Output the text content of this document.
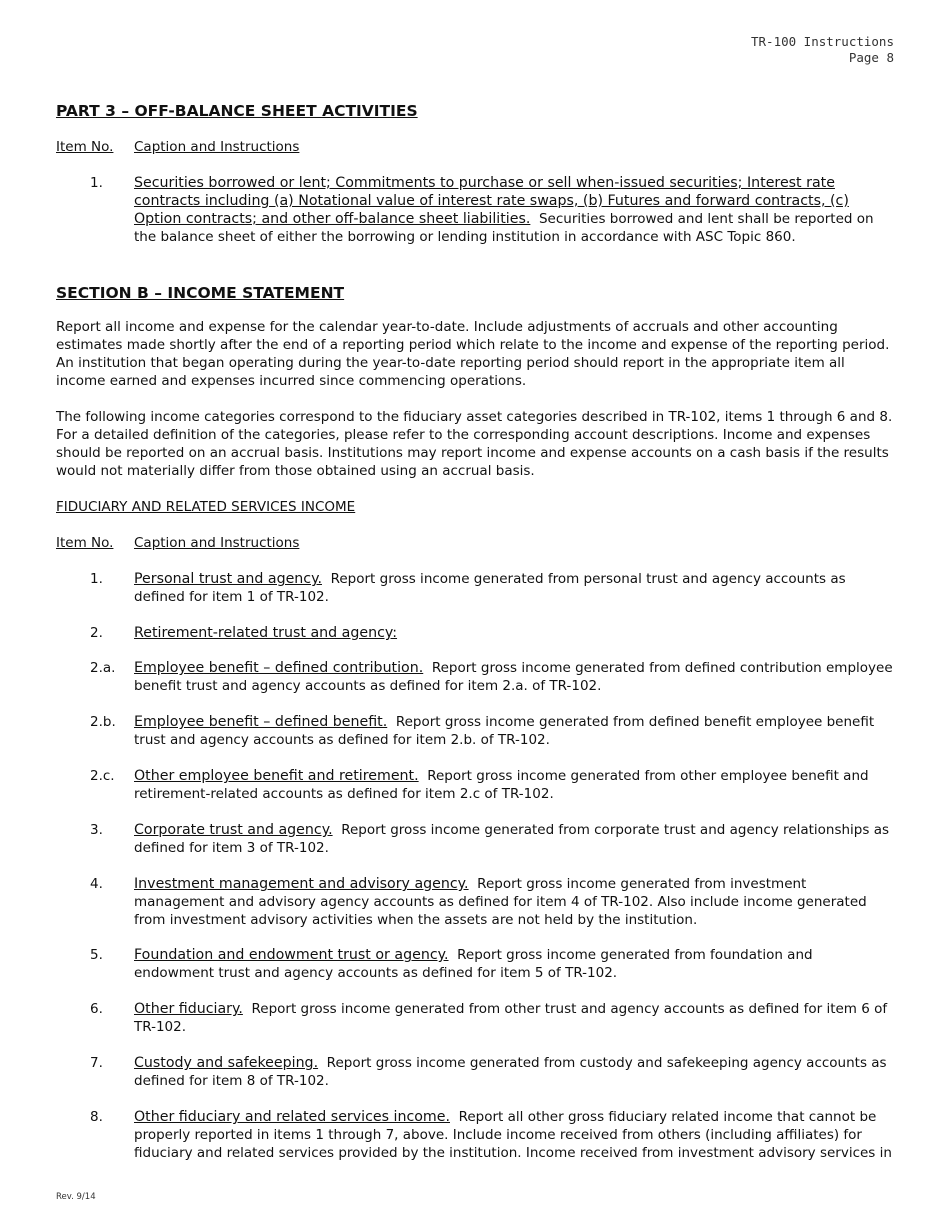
TR-100 Instructions
Page 8
PART 3 – OFF-BALANCE SHEET ACTIVITIES
Item No.	Caption and Instructions
1.	Securities borrowed or lent; Commitments to purchase or sell when-issued securities; Interest rate contracts including (a) Notational value of interest rate swaps, (b) Futures and forward contracts, (c) Option contracts; and other off-balance sheet liabilities. Securities borrowed and lent shall be reported on the balance sheet of either the borrowing or lending institution in accordance with ASC Topic 860.
SECTION B – INCOME STATEMENT

Report all income and expense for the calendar year-to-date. Include adjustments of accruals and other accounting estimates made shortly after the end of a reporting period which relate to the income and expense of the reporting period. An institution that began operating during the year-to-date reporting period should report in the appropriate item all income earned and expenses incurred since commencing operations.

The following income categories correspond to the fiduciary asset categories described in TR-102, items 1 through 6 and 8. For a detailed definition of the categories, please refer to the corresponding account descriptions. Income and expenses should be reported on an accrual basis. Institutions may report income and expense accounts on a cash basis if the results would not materially differ from those obtained using an accrual basis.

FIDUCIARY AND RELATED SERVICES INCOME
Item No.	Caption and Instructions
1.	Personal trust and agency. Report gross income generated from personal trust and agency accounts as defined for item 1 of TR-102.
2.	Retirement-related trust and agency:
2.a.	Employee benefit – defined contribution. Report gross income generated from defined contribution employee benefit trust and agency accounts as defined for item 2.a. of TR-102.
2.b.	Employee benefit – defined benefit. Report gross income generated from defined benefit employee benefit trust and agency accounts as defined for item 2.b. of TR-102.
2.c.	Other employee benefit and retirement. Report gross income generated from other employee benefit and retirement-related accounts as defined for item 2.c of TR-102.
3.	Corporate trust and agency. Report gross income generated from corporate trust and agency relationships as defined for item 3 of TR-102.
4.	Investment management and advisory agency. Report gross income generated from investment management and advisory agency accounts as defined for item 4 of TR-102. Also include income generated from investment advisory activities when the assets are not held by the institution.
5.	Foundation and endowment trust or agency. Report gross income generated from foundation and endowment trust and agency accounts as defined for item 5 of TR-102.
6.	Other fiduciary. Report gross income generated from other trust and agency accounts as defined for item 6 of TR-102.
7.	Custody and safekeeping. Report gross income generated from custody and safekeeping agency accounts as defined for item 8 of TR-102.
8.	Other fiduciary and related services income. Report all other gross fiduciary related income that cannot be properly reported in items 1 through 7, above. Include income received from others (including affiliates) for fiduciary and related services provided by the institution. Income received from investment advisory services in
Rev. 9/14
